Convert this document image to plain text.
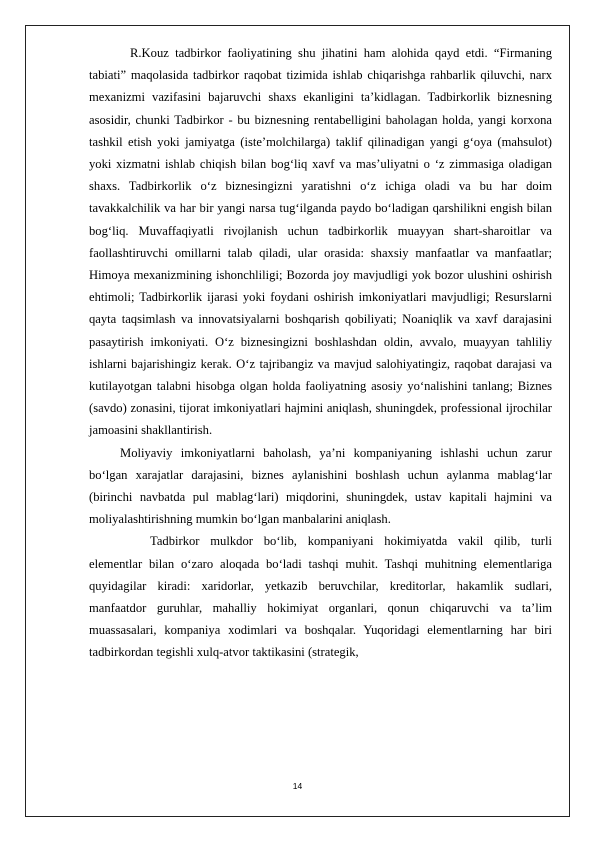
R.Kouz tadbirkor faoliyatining shu jihatini ham alohida qayd etdi. “Firmaning tabiati” maqolasida tadbirkor raqobat tizimida ishlab chiqarishga rahbarlik qiluvchi, narx mexanizmi vazifasini bajaruvchi shaxs ekanligini ta’kidlagan. Tadbirkorlik biznesning asosidir, chunki Tadbirkor - bu biznesning rentabelligini baholagan holda, yangi korxona tashkil etish yoki jamiyatga (iste’molchilarga) taklif qilinadigan yangi g‘oya (mahsulot) yoki xizmatni ishlab chiqish bilan bog‘liq xavf va mas’uliyatni o ‘z zimmasiga oladigan shaxs. Tadbirkorlik o‘z biznesingizni yaratishni o‘z ichiga oladi va bu har doim tavakkalchilik va har bir yangi narsa tug‘ilganda paydo bo‘ladigan qarshilikni engish bilan bog‘liq. Muvaffaqiyatli rivojlanish uchun tadbirkorlik muayyan shart-sharoitlar va faollashtiruvchi omillarni talab qiladi, ular orasida: shaxsiy manfaatlar va manfaatlar; Himoya mexanizmining ishonchliligi; Bozorda joy mavjudligi yok bozor ulushini oshirish ehtimoli; Tadbirkorlik ijarasi yoki foydani oshirish imkoniyatlari mavjudligi; Resurslarni qayta taqsimlash va innovatsiyalarni boshqarish qobiliyati; Noaniqlik va xavf darajasini pasaytirish imkoniyati. O‘z biznesingizni boshlashdan oldin, avvalo, muayyan tahliliy ishlarni bajarishingiz kerak. O‘z tajribangiz va mavjud salohiyatingiz, raqobat darajasi va kutilayotgan talabni hisobga olgan holda faoliyatning asosiy yo‘nalishini tanlang; Biznes (savdo) zonasini, tijorat imkoniyatlari hajmini aniqlash, shuningdek, professional ijrochilar jamoasini shakllantirish.

Moliyaviy imkoniyatlarni baholash, ya’ni kompaniyaning ishlashi uchun zarur bo‘lgan xarajatlar darajasini, biznes aylanishini boshlash uchun aylanma mablag‘lar (birinchi navbatda pul mablag‘lari) miqdorini, shuningdek, ustav kapitali hajmini va moliyalashtirishning mumkin bo‘lgan manbalarini aniqlash.

Tadbirkor mulkdor bo‘lib, kompaniyani hokimiyatda vakil qilib, turli elementlar bilan o‘zaro aloqada bo‘ladi tashqi muhit. Tashqi muhitning elementlariga quyidagilar kiradi: xaridorlar, yetkazib beruvchilar, kreditorlar, hakamlik sudlari, manfaatdor guruhlar, mahalliy hokimiyat organlari, qonun chiqaruvchi va ta’lim muassasalari, kompaniya xodimlari va boshqalar. Yuqoridagi elementlarning har biri tadbirkordan tegishli xulq-atvor taktikasini (strategik,

14
